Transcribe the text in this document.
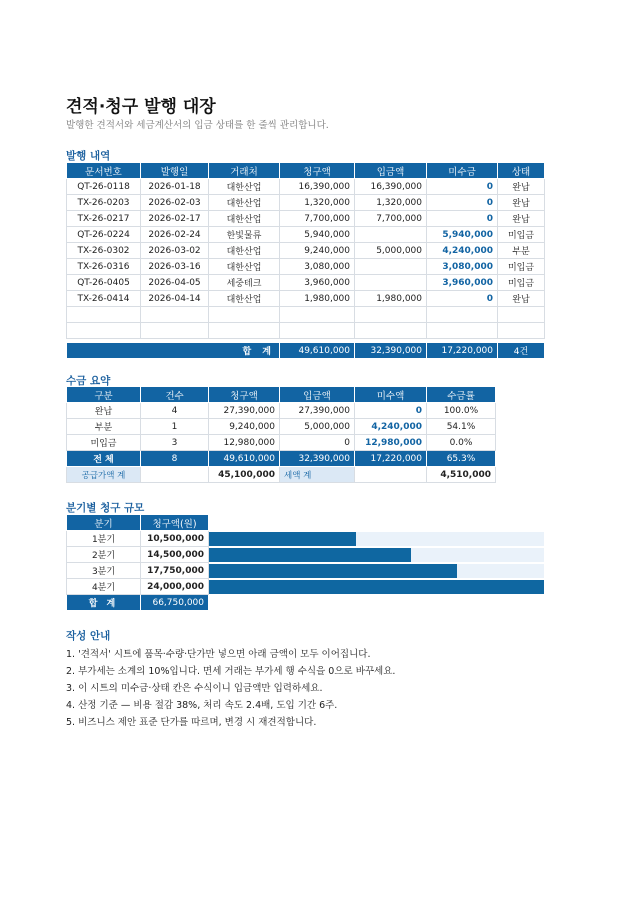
견적·청구 발행 대장
발행한 견적서와 세금계산서의 입금 상태를 한 줄씩 관리합니다.
발행 내역
문서번호	발행일	거래처	청구액	입금액	미수금	상태
QT-26-0118	2026-01-18	대한산업	16,390,000	16,390,000	0	완납
TX-26-0203	2026-02-03	대한산업	1,320,000	1,320,000	0	완납
TX-26-0217	2026-02-17	대한산업	7,700,000	7,700,000	0	완납
QT-26-0224	2026-02-24	한빛물류	5,940,000		5,940,000	미입금
TX-26-0302	2026-03-02	대한산업	9,240,000	5,000,000	4,240,000	부분
TX-26-0316	2026-03-16	대한산업	3,080,000		3,080,000	미입금
QT-26-0405	2026-04-05	세중테크	3,960,000		3,960,000	미입금
TX-26-0414	2026-04-14	대한산업	1,980,000	1,980,000	0	완납

합 계			49,610,000	32,390,000	17,220,000	4건
수금 요약
구분	건수	청구액	입금액	미수액	수금률
완납	4	27,390,000	27,390,000	0	100.0%
부분	1	9,240,000	5,000,000	4,240,000	54.1%
미입금	3	12,980,000	0	12,980,000	0.0%
전 체	8	49,610,000	32,390,000	17,220,000	65.3%
공급가액 계		45,100,000	세액 계		4,510,000
분기별 청구 규모
분기	청구액(원)	
1분기	10,500,000	

2분기	14,500,000	

3분기	17,750,000	

4분기	24,000,000	

합 계	66,750,000	
작성 안내
1. '견적서' 시트에 품목·수량·단가만 넣으면 아래 금액이 모두 이어집니다.
2. 부가세는 소계의 10%입니다. 면세 거래는 부가세 행 수식을 0으로 바꾸세요.
3. 이 시트의 미수금·상태 칸은 수식이니 입금액만 입력하세요.
4. 산정 기준 — 비용 절감 38%, 처리 속도 2.4배, 도입 기간 6주.
5. 비즈니스 제안 표준 단가를 따르며, 변경 시 재견적합니다.
